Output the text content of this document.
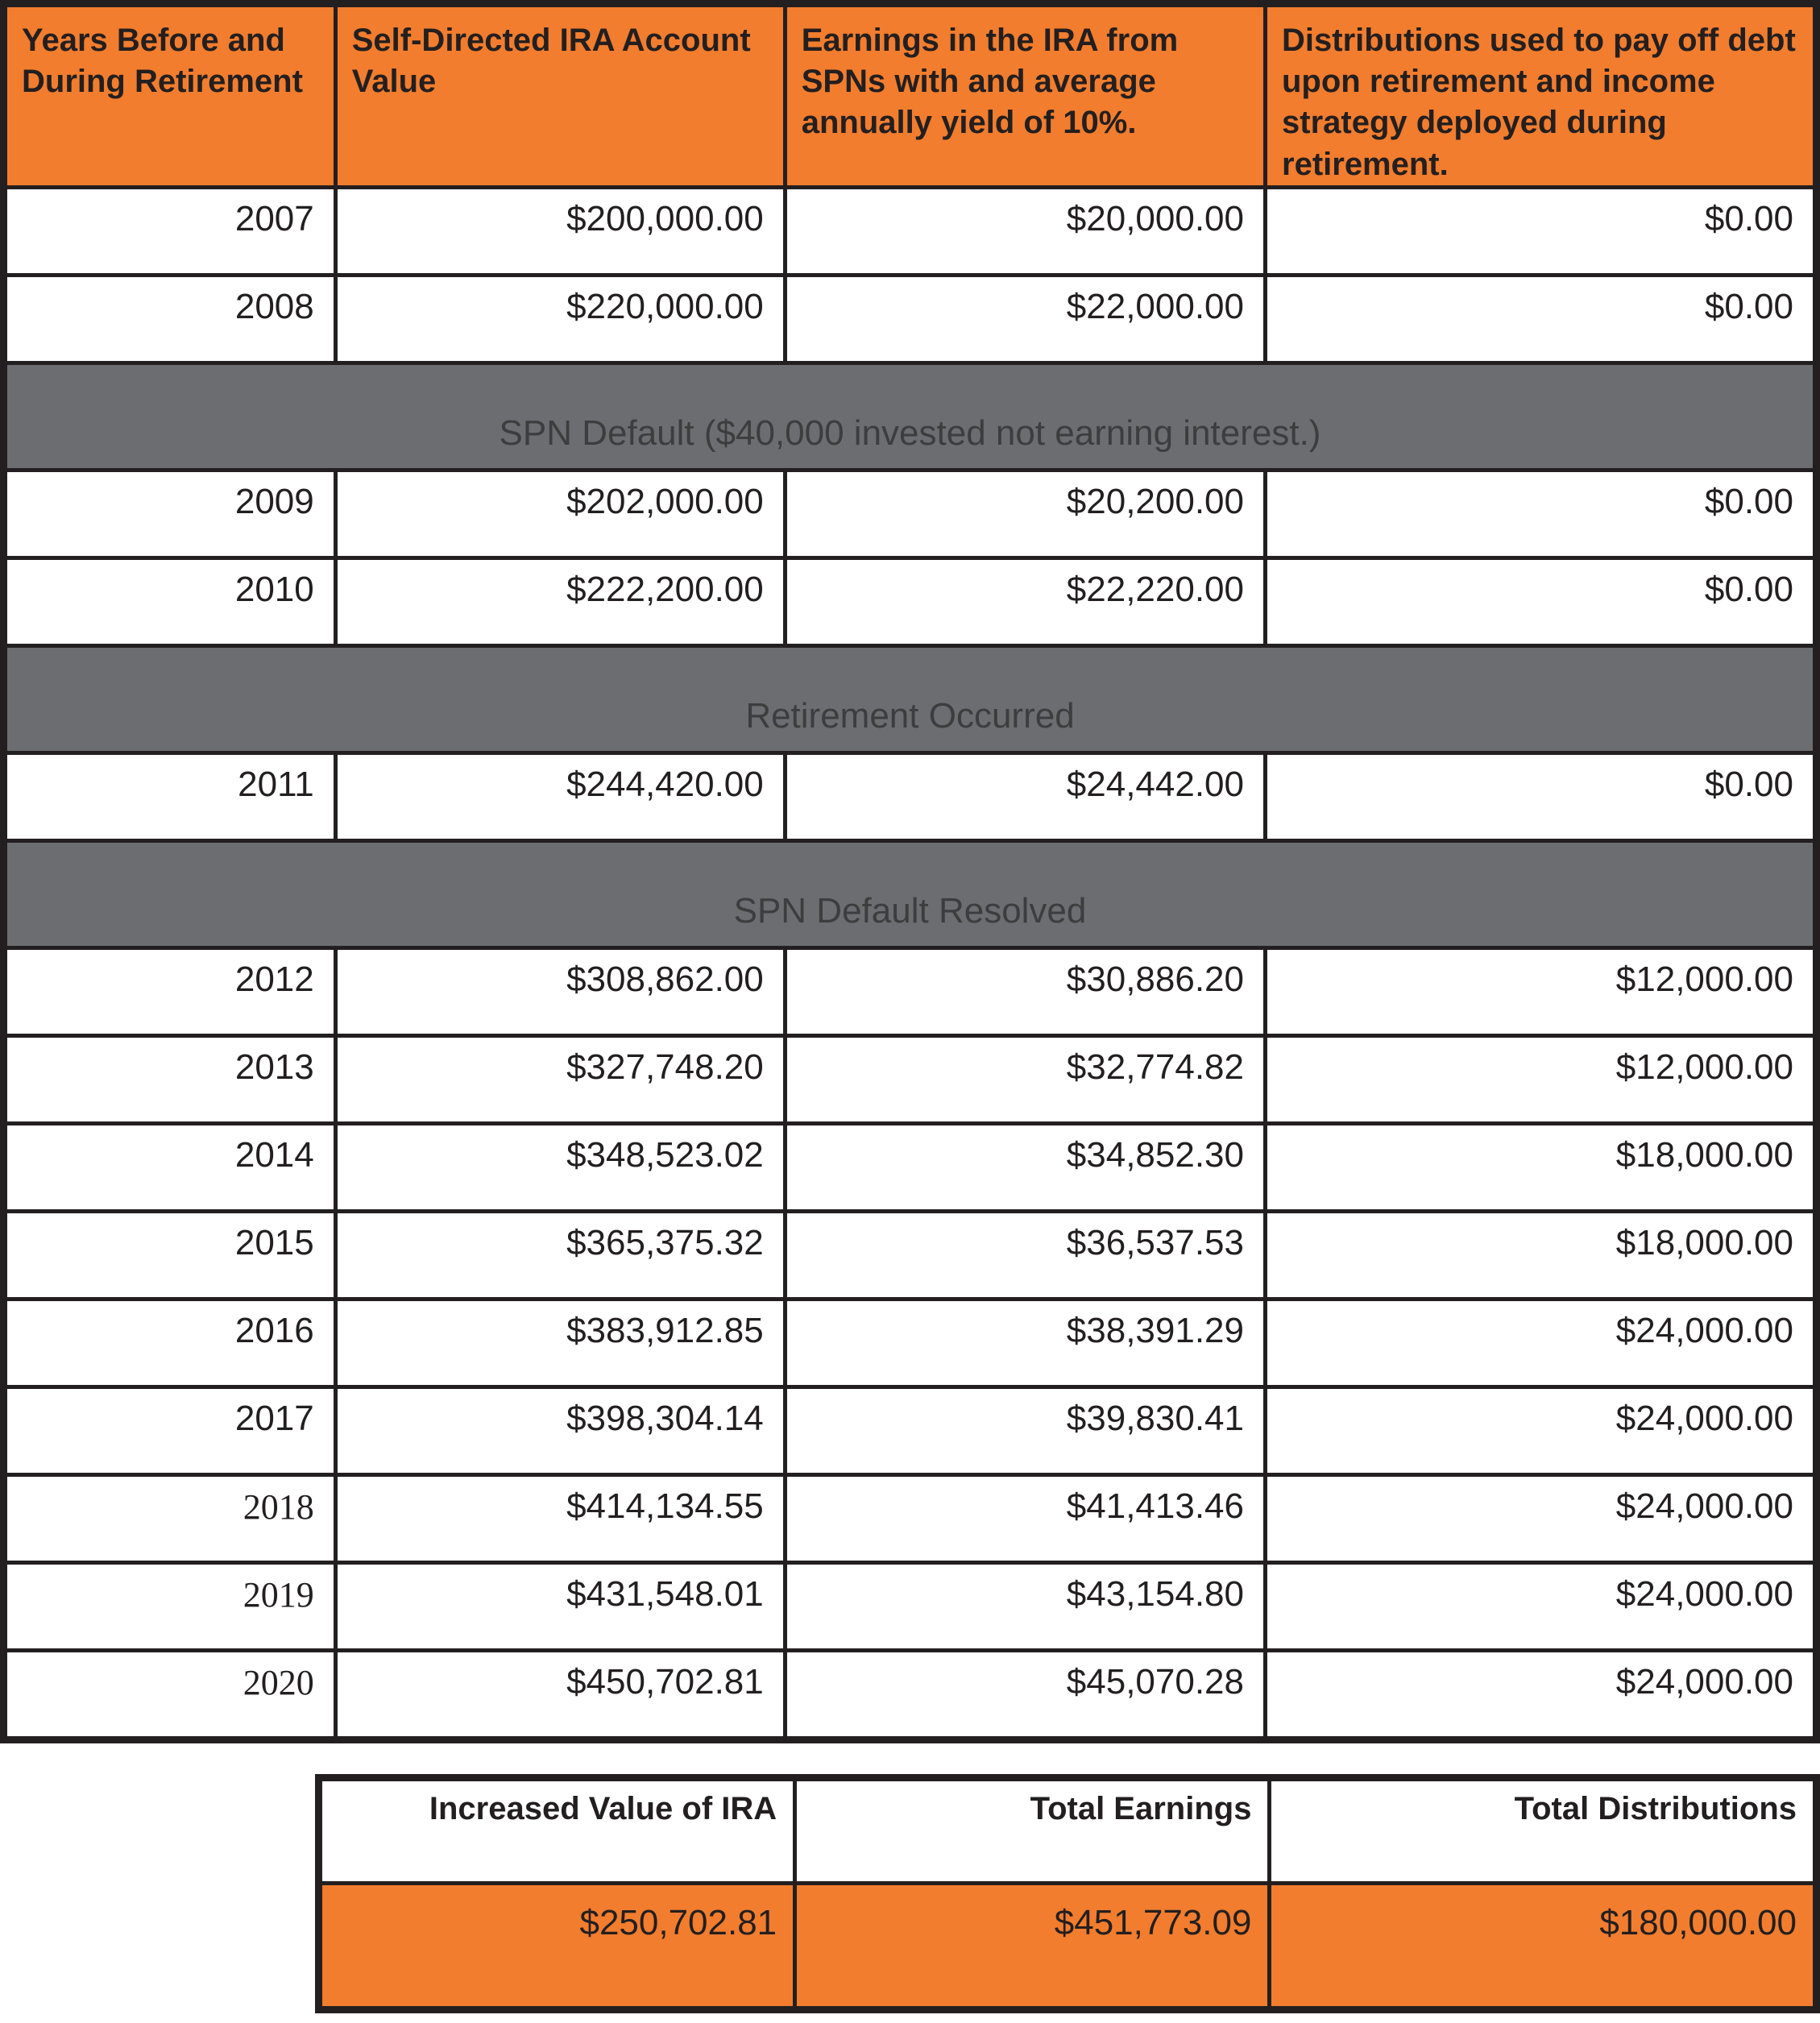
Years Before and During Retirement	Self-Directed IRA Account Value	Earnings in the IRA from SPNs with and average annually yield of 10%.	Distributions used to pay off debt upon retirement and income strategy deployed during retirement.
2007	$200,000.00	$20,000.00	$0.00
2008	$220,000.00	$22,000.00	$0.00
SPN Default ($40,000 invested not earning interest.)			
2009	$202,000.00	$20,200.00	$0.00
2010	$222,200.00	$22,220.00	$0.00
Retirement Occurred			
2011	$244,420.00	$24,442.00	$0.00
SPN Default Resolved			
2012	$308,862.00	$30,886.20	$12,000.00
2013	$327,748.20	$32,774.82	$12,000.00
2014	$348,523.02	$34,852.30	$18,000.00
2015	$365,375.32	$36,537.53	$18,000.00
2016	$383,912.85	$38,391.29	$24,000.00
2017	$398,304.14	$39,830.41	$24,000.00
2018	$414,134.55	$41,413.46	$24,000.00
2019	$431,548.01	$43,154.80	$24,000.00
2020	$450,702.81	$45,070.28	$24,000.00
Increased Value of IRA	Total Earnings	Total Distributions
$250,702.81	$451,773.09	$180,000.00
